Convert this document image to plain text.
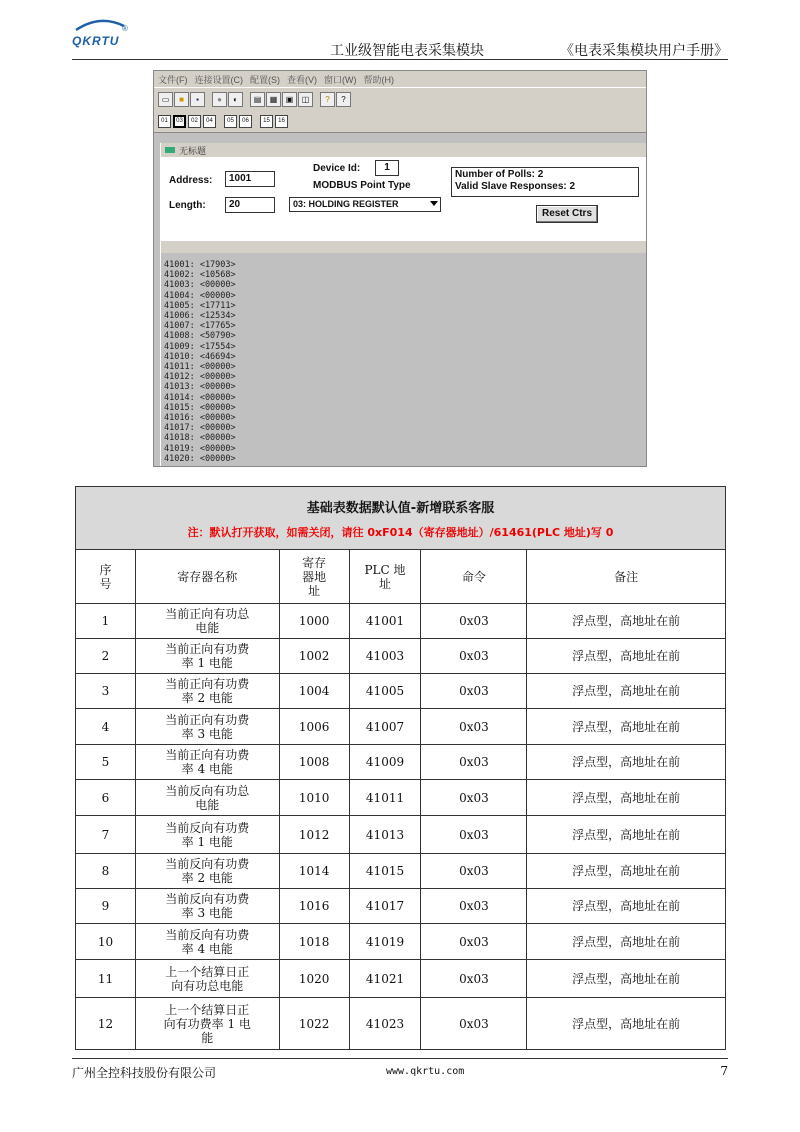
QKRTU
®
工业级智能电表采集模块	《电表采集模块用户手册》
文件(F) 连接设置(C) 配置(S) 查看(V) 窗口(W) 帮助(H)
▭	■	▪	●	◐	▤	▦	▣	◫	?	?
01	03	02	04	05	06	15	16
无标题
Address:	1001
Length:	20
Device Id:	1
MODBUS Point Type
03: HOLDING REGISTER
Number of Polls: 2
Valid Slave Responses: 2
Reset Ctrs
41001: <17903>
41002: <10568>
41003: <00000>
41004: <00000>
41005: <17711>
41006: <12534>
41007: <17765>
41008: <50790>
41009: <17554>
41010: <46694>
41011: <00000>
41012: <00000>
41013: <00000>
41014: <00000>
41015: <00000>
41016: <00000>
41017: <00000>
41018: <00000>
41019: <00000>
41020: <00000>
基础表数据默认值-新增联系客服
注：默认打开获取，如需关闭，请往 0xF014（寄存器地址）/61461(PLC 地址)写 0					

序
号	寄存器名称	寄存
器地
址	PLC 地
址	命令	备注
1	当前正向有功总
电能	1000	41001	0x03	浮点型，高地址在前
2	当前正向有功费
率 1 电能	1002	41003	0x03	浮点型，高地址在前
3	当前正向有功费
率 2 电能	1004	41005	0x03	浮点型，高地址在前
4	当前正向有功费
率 3 电能	1006	41007	0x03	浮点型，高地址在前
5	当前正向有功费
率 4 电能	1008	41009	0x03	浮点型，高地址在前
6	当前反向有功总
电能	1010	41011	0x03	浮点型，高地址在前
7	当前反向有功费
率 1 电能	1012	41013	0x03	浮点型，高地址在前
8	当前反向有功费
率 2 电能	1014	41015	0x03	浮点型，高地址在前
9	当前反向有功费
率 3 电能	1016	41017	0x03	浮点型，高地址在前
10	当前反向有功费
率 4 电能	1018	41019	0x03	浮点型，高地址在前
11	上一个结算日正
向有功总电能	1020	41021	0x03	浮点型，高地址在前
12	上一个结算日正
向有功费率 1 电
能	1022	41023	0x03	浮点型，高地址在前
广州全控科技股份有限公司	www.qkrtu.com	7
